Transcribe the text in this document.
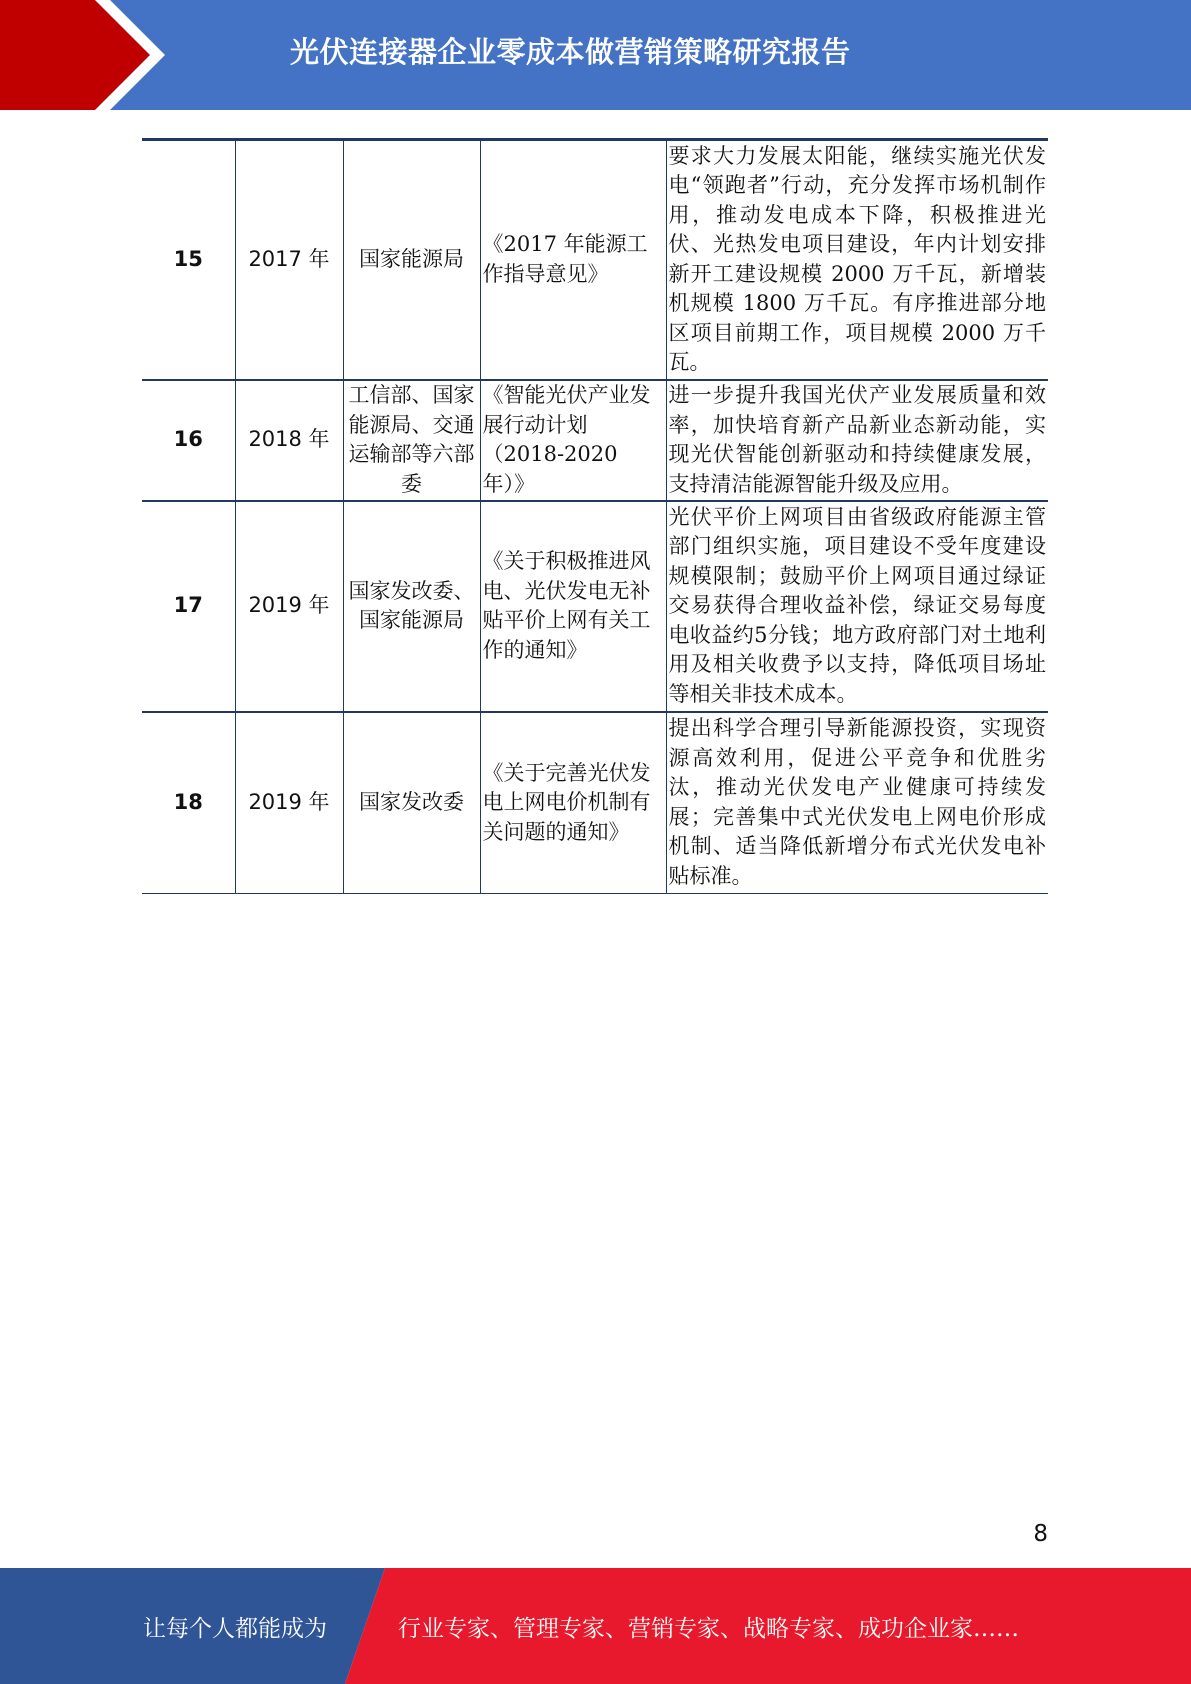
光伏连接器企业零成本做营销策略研究报告
15	2017 年	国家能源局	《2017 年能源工作指导意见》	要求大力发展太阳能，继续实施光伏发电“领跑者”行动，充分发挥市场机制作用，推动发电成本下降，积极推进光伏、光热发电项目建设，年内计划安排新开工建设规模 2000 万千瓦，新增装机规模 1800 万千瓦。有序推进部分地区项目前期工作，项目规模 2000 万千瓦。
16	2018 年	工信部、国家能源局、交通运输部等六部委	《智能光伏产业发展行动计划（2018-2020 年）》	进一步提升我国光伏产业发展质量和效率，加快培育新产品新业态新动能，实现光伏智能创新驱动和持续健康发展，支持清洁能源智能升级及应用。
17	2019 年	国家发改委、国家能源局	《关于积极推进风电、光伏发电无补贴平价上网有关工作的通知》	光伏平价上网项目由省级政府能源主管部门组织实施，项目建设不受年度建设规模限制；鼓励平价上网项目通过绿证交易获得合理收益补偿，绿证交易每度电收益约5分钱；地方政府部门对土地利用及相关收费予以支持，降低项目场址等相关非技术成本。
18	2019 年	国家发改委	《关于完善光伏发电上网电价机制有关问题的通知》	提出科学合理引导新能源投资，实现资源高效利用，促进公平竞争和优胜劣汰，推动光伏发电产业健康可持续发展；完善集中式光伏发电上网电价形成机制、适当降低新增分布式光伏发电补贴标准。
8
让每个人都能成为	行业专家、管理专家、营销专家、战略专家、成功企业家……
